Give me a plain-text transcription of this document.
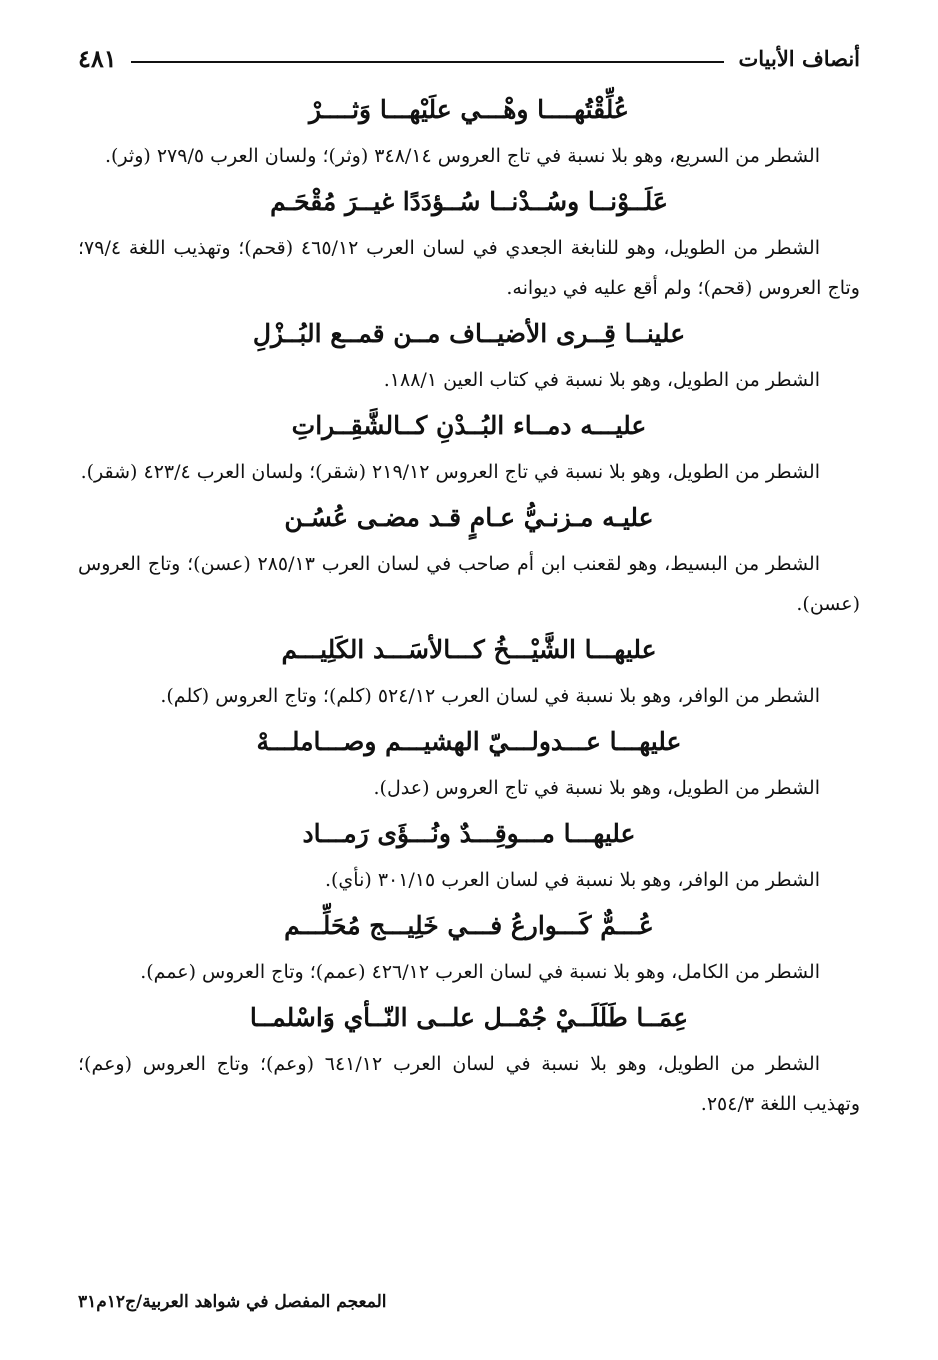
أنصاف الأبيات
٤٨١
عُلِّقْتُهــــا وهْـــي علَيْهـــا وَثــــرْ

الشطر من السريع، وهو بلا نسبة في تاج العروس ٣٤٨/١٤ (وثر)؛ ولسان العرب ٢٧٩/٥ (وثر).

عَلَــوْنــا وسُــدْنــا سُــؤدَدًا غيــرَ مُقْحَـم

الشطر من الطويل، وهو للنابغة الجعدي في لسان العرب ٤٦٥/١٢ (قحم)؛ وتهذيب اللغة ٧٩/٤؛ وتاج العروس (قحم)؛ ولم أقع عليه في ديوانه.

علينــا قِــرى الأضيــاف مــن قمــع البُــزْلِ

الشطر من الطويل، وهو بلا نسبة في كتاب العين ١٨٨/١.

عليـــه دمــاء البُــدْنِ كــالشَّقِــراتِ

الشطر من الطويل، وهو بلا نسبة في تاج العروس ٢١٩/١٢ (شقر)؛ ولسان العرب ٤٢٣/٤ (شقر).

عليـه مـزنـيُّ عـامٍ قـد مضـى عُسُـن

الشطر من البسيط، وهو لقعنب ابن أم صاحب في لسان العرب ٢٨٥/١٣ (عسن)؛ وتاج العروس (عسن).

عليهـــا الشَّيْـــخُ كـــالأسَـــد الكَلِيـــم

الشطر من الوافر، وهو بلا نسبة في لسان العرب ٥٢٤/١٢ (كلم)؛ وتاج العروس (كلم).

عليهـــا عـــدولـــيّ الهشيـــم وصـــاملـــهْ

الشطر من الطويل، وهو بلا نسبة في تاج العروس (عدل).

عليهـــا مـــوقِـــدٌ ونُـــؤَى رَمـــاد

الشطر من الوافر، وهو بلا نسبة في لسان العرب ٣٠١/١٥ (نأي).

عُـــمٌّ كَـــوارعُ فـــي خَلِيـــج مُحَلِّـــم

الشطر من الكامل، وهو بلا نسبة في لسان العرب ٤٢٦/١٢ (عمم)؛ وتاج العروس (عمم).

عِمَــا طَلَلَــيْ جُمْــل علــى النّــأي وَاسْلمــا

الشطر من الطويل، وهو بلا نسبة في لسان العرب ٦٤١/١٢ (وعم)؛ وتاج العروس (وعم)؛ وتهذيب اللغة ٢٥٤/٣.

المعجم المفصل في شواهد العربية/ج١٢م٣١
